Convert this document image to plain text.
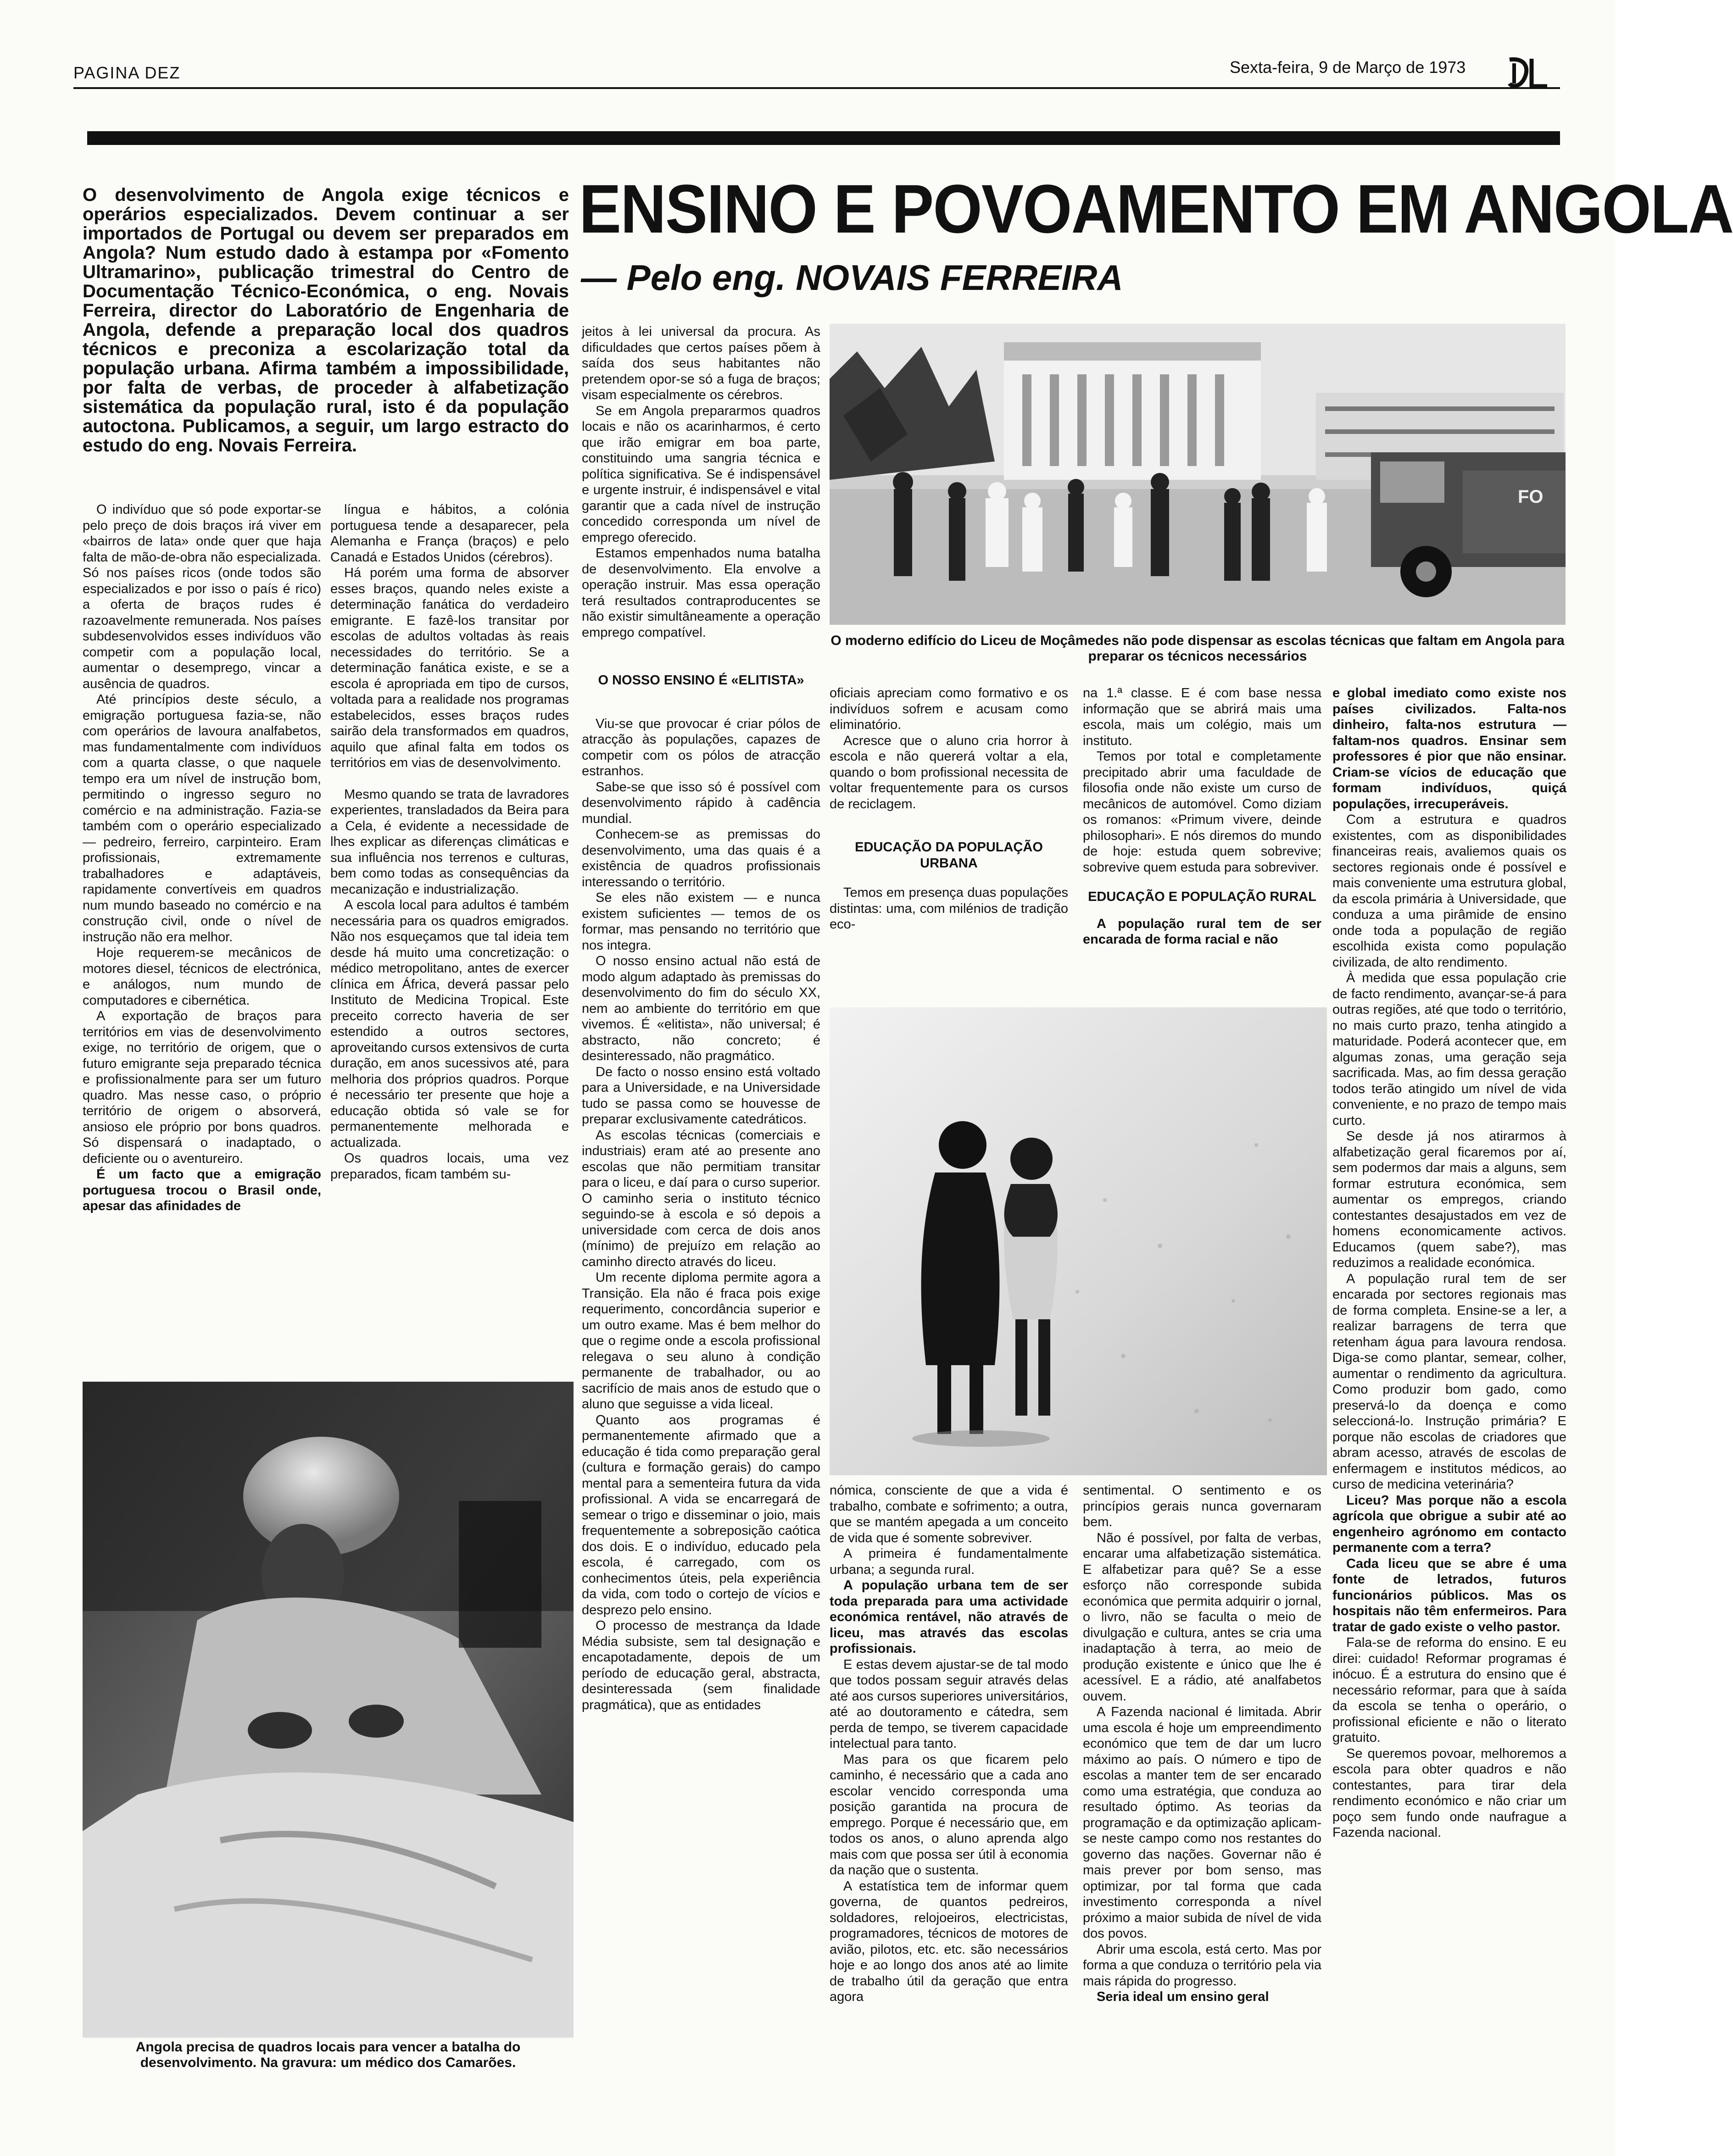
PAGINA DEZ	Sexta-feira, 9 de Março de 1973
O desenvolvimento de Angola exige técnicos e operários especializados. Devem continuar a ser importados de Portugal ou devem ser preparados em Angola? Num estudo dado à estampa por «Fomento Ultramarino», publicação trimestral do Centro de Documentação Técnico-Económica, o eng. Novais Ferreira, director do Laboratório de Engenharia de Angola, defende a preparação local dos quadros técnicos e preconiza a escolarização total da população urbana. Afirma também a impossibilidade, por falta de verbas, de proceder à alfabetização sistemática da população rural, isto é da população autoctona. Publicamos, a seguir, um largo estracto do estudo do eng. Novais Ferreira.
ENSINO E POVOAMENTO EM ANGOLA
— Pelo eng. NOVAIS FERREIRA

O indivíduo que só pode exportar-se pelo preço de dois braços irá viver em «bairros de lata» onde quer que haja falta de mão-de-obra não especializada. Só nos países ricos (onde todos são especializados e por isso o país é rico) a oferta de braços rudes é razoavelmente remunerada. Nos países subdesenvolvidos esses indivíduos vão competir com a população local, aumentar o desemprego, vincar a ausência de quadros.

Até princípios deste século, a emigração portuguesa fazia-se, não com operários de lavoura analfabetos, mas fundamentalmente com indivíduos com a quarta classe, o que naquele tempo era um nível de instrução bom, permitindo o ingresso seguro no comércio e na administração. Fazia-se também com o operário especializado — pedreiro, ferreiro, carpinteiro. Eram profissionais, extremamente trabalhadores e adaptáveis, rapidamente convertíveis em quadros num mundo baseado no comércio e na construção civil, onde o nível de instrução não era melhor.

Hoje requerem-se mecânicos de motores diesel, técnicos de electrónica, e análogos, num mundo de computadores e cibernética.

A exportação de braços para territórios em vias de desenvolvimento exige, no território de origem, que o futuro emigrante seja preparado técnica e profissionalmente para ser um futuro quadro. Mas nesse caso, o próprio território de origem o absorverá, ansioso ele próprio por bons quadros. Só dispensará o inadaptado, o deficiente ou o aventureiro.

É um facto que a emigração portuguesa trocou o Brasil onde, apesar das afinidades de

língua e hábitos, a colónia portuguesa tende a desaparecer, pela Alemanha e França (braços) e pelo Canadá e Estados Unidos (cérebros).

Há porém uma forma de absorver esses braços, quando neles existe a determinação fanática do verdadeiro emigrante. E fazê-los transitar por escolas de adultos voltadas às reais necessidades do território. Se a determinação fanática existe, e se a escola é apropriada em tipo de cursos, voltada para a realidade nos programas estabelecidos, esses braços rudes sairão dela transformados em quadros, aquilo que afinal falta em todos os territórios em vias de desenvolvimento.

Mesmo quando se trata de lavradores experientes, transladados da Beira para a Cela, é evidente a necessidade de lhes explicar as diferenças climáticas e sua influência nos terrenos e culturas, bem como todas as consequências da mecanização e industrialização.

A escola local para adultos é também necessária para os quadros emigrados. Não nos esqueçamos que tal ideia tem desde há muito uma concretização: o médico metropolitano, antes de exercer clínica em África, deverá passar pelo Instituto de Medicina Tropical. Este preceito correcto haveria de ser estendido a outros sectores, aproveitando cursos extensivos de curta duração, em anos sucessivos até, para melhoria dos próprios quadros. Porque é necessário ter presente que hoje a educação obtida só vale se for permanentemente melhorada e actualizada.

Os quadros locais, uma vez preparados, ficam também su-

Angola precisa de quadros locais para vencer a batalha do desenvolvimento. Na gravura: um médico dos Camarões.

jeitos à lei universal da procura. As dificuldades que certos países põem à saída dos seus habitantes não pretendem opor-se só a fuga de braços; visam especialmente os cérebros.

Se em Angola prepararmos quadros locais e não os acarinharmos, é certo que irão emigrar em boa parte, constituindo uma sangria técnica e política significativa. Se é indispensável e urgente instruir, é indispensável e vital garantir que a cada nível de instrução concedido corresponda um nível de emprego oferecido.

Estamos empenhados numa batalha de desenvolvimento. Ela envolve a operação instruir. Mas essa operação terá resultados contraproducentes se não existir simultâneamente a operação emprego compatível.

O NOSSO ENSINO É «ELITISTA»

Viu-se que provocar é criar pólos de atracção às populações, capazes de competir com os pólos de atracção estranhos.

Sabe-se que isso só é possível com desenvolvimento rápido à cadência mundial.

Conhecem-se as premissas do desenvolvimento, uma das quais é a existência de quadros profissionais interessando o território.

Se eles não existem — e nunca existem suficientes — temos de os formar, mas pensando no território que nos integra.

O nosso ensino actual não está de modo algum adaptado às premissas do desenvolvimento do fim do século XX, nem ao ambiente do território em que vivemos. É «elitista», não universal; é abstracto, não concreto; é desinteressado, não pragmático.

De facto o nosso ensino está voltado para a Universidade, e na Universidade tudo se passa como se houvesse de preparar exclusivamente catedráticos.

As escolas técnicas (comerciais e industriais) eram até ao presente ano escolas que não permitiam transitar para o liceu, e daí para o curso superior. O caminho seria o instituto técnico seguindo-se à escola e só depois a universidade com cerca de dois anos (mínimo) de prejuízo em relação ao caminho directo através do liceu.

Um recente diploma permite agora a Transição. Ela não é fraca pois exige requerimento, concordância superior e um outro exame. Mas é bem melhor do que o regime onde a escola profissional relegava o seu aluno à condição permanente de trabalhador, ou ao sacrifício de mais anos de estudo que o aluno que seguisse a vida liceal.

Quanto aos programas é permanentemente afirmado que a educação é tida como preparação geral (cultura e formação gerais) do campo mental para a sementeira futura da vida profissional. A vida se encarregará de semear o trigo e disseminar o joio, mais frequentemente a sobreposição caótica dos dois. E o indivíduo, educado pela escola, é carregado, com os conhecimentos úteis, pela experiência da vida, com todo o cortejo de vícios e desprezo pelo ensino.

O processo de mestrança da Idade Média subsiste, sem tal designação e encapotadamente, depois de um período de educação geral, abstracta, desinteressada (sem finalidade pragmática), que as entidades

FO
O moderno edifício do Liceu de Moçâmedes não pode dispensar as escolas técnicas que faltam em Angola para preparar os técnicos necessários

oficiais apreciam como formativo e os indivíduos sofrem e acusam como eliminatório.

Acresce que o aluno cria horror à escola e não quererá voltar a ela, quando o bom profissional necessita de voltar frequentemente para os cursos de reciclagem.

EDUCAÇÃO DA POPULAÇÃO URBANA

Temos em presença duas populações distintas: uma, com milénios de tradição eco-

na 1.ª classe. E é com base nessa informação que se abrirá mais uma escola, mais um colégio, mais um instituto.

Temos por total e completamente precipitado abrir uma faculdade de filosofia onde não existe um curso de mecânicos de automóvel. Como diziam os romanos: «Primum vivere, deinde philosophari». E nós diremos do mundo de hoje: estuda quem sobrevive; sobrevive quem estuda para sobreviver.

EDUCAÇÃO E POPULAÇÃO RURAL

A população rural tem de ser encarada de forma racial e não

nómica, consciente de que a vida é trabalho, combate e sofrimento; a outra, que se mantém apegada a um conceito de vida que é somente sobreviver.

A primeira é fundamentalmente urbana; a segunda rural.

A população urbana tem de ser toda preparada para uma actividade económica rentável, não através de liceu, mas através das escolas profissionais.

E estas devem ajustar-se de tal modo que todos possam seguir através delas até aos cursos superiores universitários, até ao doutoramento e cátedra, sem perda de tempo, se tiverem capacidade intelectual para tanto.

Mas para os que ficarem pelo caminho, é necessário que a cada ano escolar vencido corresponda uma posição garantida na procura de emprego. Porque é necessário que, em todos os anos, o aluno aprenda algo mais com que possa ser útil à economia da nação que o sustenta.

A estatística tem de informar quem governa, de quantos pedreiros, soldadores, relojoeiros, electricistas, programadores, técnicos de motores de avião, pilotos, etc. etc. são necessários hoje e ao longo dos anos até ao limite de trabalho útil da geração que entra agora

sentimental. O sentimento e os princípios gerais nunca governaram bem.

Não é possível, por falta de verbas, encarar uma alfabetização sistemática. E alfabetizar para quê? Se a esse esforço não corresponde subida económica que permita adquirir o jornal, o livro, não se faculta o meio de divulgação e cultura, antes se cria uma inadaptação à terra, ao meio de produção existente e único que lhe é acessível. E a rádio, até analfabetos ouvem.

A Fazenda nacional é limitada. Abrir uma escola é hoje um empreendimento económico que tem de dar um lucro máximo ao país. O número e tipo de escolas a manter tem de ser encarado como uma estratégia, que conduza ao resultado óptimo. As teorias da programação e da optimização aplicam-se neste campo como nos restantes do governo das nações. Governar não é mais prever por bom senso, mas optimizar, por tal forma que cada investimento corresponda a nível próximo a maior subida de nível de vida dos povos.

Abrir uma escola, está certo. Mas por forma a que conduza o território pela via mais rápida do progresso.

Seria ideal um ensino geral

e global imediato como existe nos países civilizados. Falta-nos dinheiro, falta-nos estrutura — faltam-nos quadros. Ensinar sem professores é pior que não ensinar. Criam-se vícios de educação que formam indivíduos, quiçá populações, irrecuperáveis.

Com a estrutura e quadros existentes, com as disponibilidades financeiras reais, avaliemos quais os sectores regionais onde é possível e mais conveniente uma estrutura global, da escola primária à Universidade, que conduza a uma pirâmide de ensino onde toda a população de região escolhida exista como população civilizada, de alto rendimento.

À medida que essa população crie de facto rendimento, avançar-se-á para outras regiões, até que todo o território, no mais curto prazo, tenha atingido a maturidade. Poderá acontecer que, em algumas zonas, uma geração seja sacrificada. Mas, ao fim dessa geração todos terão atingido um nível de vida conveniente, e no prazo de tempo mais curto.

Se desde já nos atirarmos à alfabetização geral ficaremos por aí, sem podermos dar mais a alguns, sem formar estrutura económica, sem aumentar os empregos, criando contestantes desajustados em vez de homens economicamente activos. Educamos (quem sabe?), mas reduzimos a realidade económica.

A população rural tem de ser encarada por sectores regionais mas de forma completa. Ensine-se a ler, a realizar barragens de terra que retenham água para lavoura rendosa. Diga-se como plantar, semear, colher, aumentar o rendimento da agricultura. Como produzir bom gado, como preservá-lo da doença e como seleccioná-lo. Instrução primária? E porque não escolas de criadores que abram acesso, através de escolas de enfermagem e institutos médicos, ao curso de medicina veterinária?

Liceu? Mas porque não a escola agrícola que obrigue a subir até ao engenheiro agrónomo em contacto permanente com a terra?

Cada liceu que se abre é uma fonte de letrados, futuros funcionários públicos. Mas os hospitais não têm enfermeiros. Para tratar de gado existe o velho pastor.

Fala-se de reforma do ensino. E eu direi: cuidado! Reformar programas é inócuo. É a estrutura do ensino que é necessário reformar, para que à saída da escola se tenha o operário, o profissional eficiente e não o literato gratuito.

Se queremos povoar, melhoremos a escola para obter quadros e não contestantes, para tirar dela rendimento económico e não criar um poço sem fundo onde naufrague a Fazenda nacional.
